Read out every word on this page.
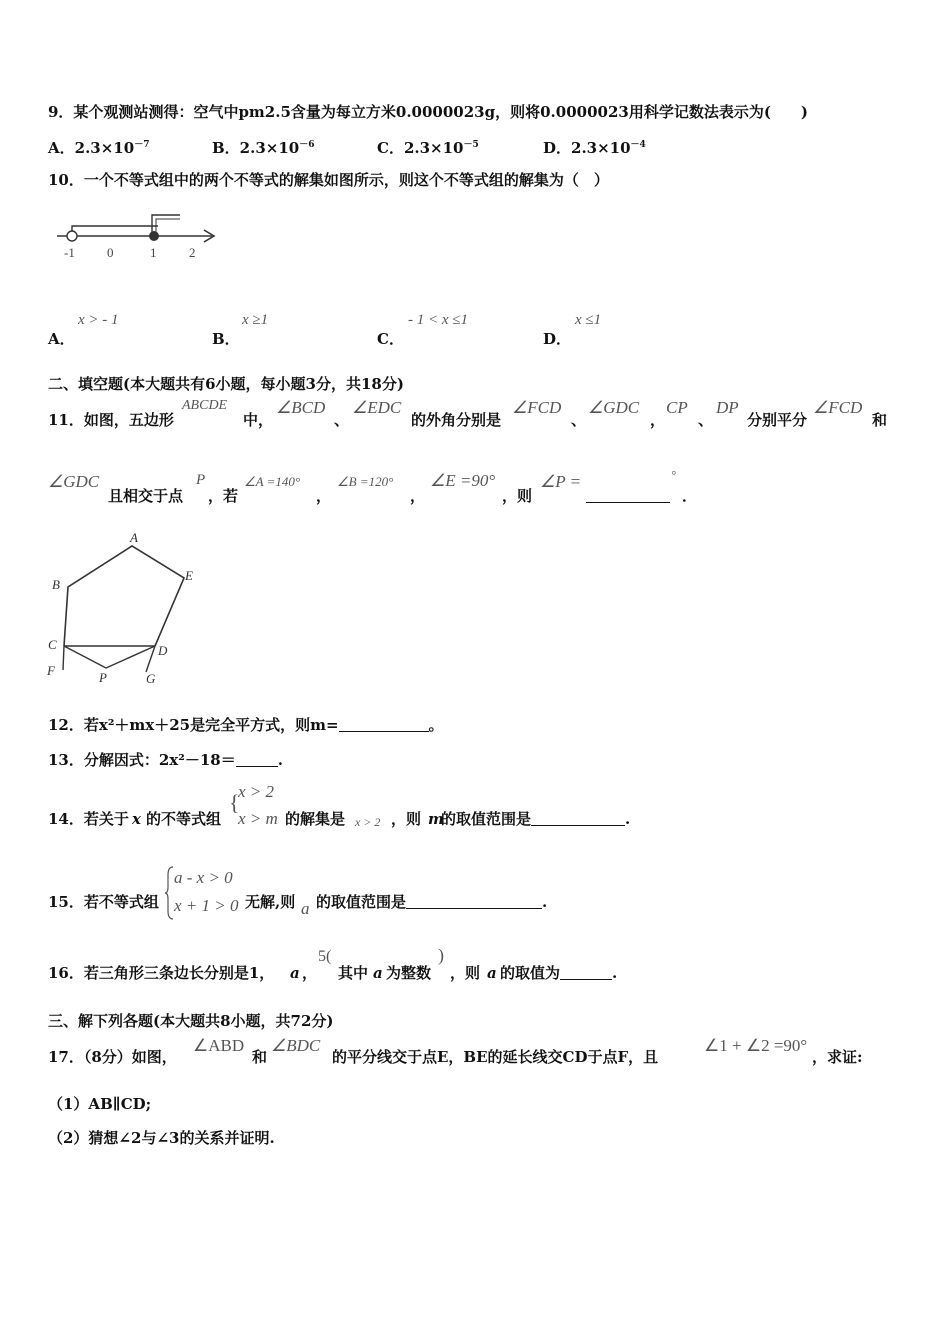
9．某个观测站测得：空气中pm2.5含量为每立方米0.0000023g，则将0.0000023用科学记数法表示为(　　)
A．$2.3\times 10^{-7}$	B．$2.3\times 10^{-6}$	C．$2.3\times 10^{-5}$	D．$2.3\times 10^{-4}$
10．一个不等式组中的两个不等式的解集如图所示，则这个不等式组的解集为（　）
-1 0	1	2
A．
x > - 1
B．
x ≥1
C．
- 1 < x ≤1
D．
x ≤1
二、填空题(本大题共有6小题，每小题3分，共18分)
11．如图，五边形
ABCDE
中，
∠BCD
、
∠EDC
的外角分别是
∠FCD
、
∠GDC
，
CP
、
DP
分别平分
∠FCD
和
∠GDC
且相交于点
P
，若
∠A =140°
，
∠B =120°
，
∠E =90°
，则
∠P =	°
．
A
B
C	D
E
F
G
P
12．若x²＋mx＋25是完全平方式，则m=	。
13．分解因式：2x²－18＝	.
14．若关于 x 的不等式组
{
x > 2
x > m 的解集是 x > 2 ，则 m
的取值范围是	.
15．若不等式组
a - x > 0
x + 1 > 0 无解,则 a 的取值范围是	.
16．若三角形三条边长分别是1， a ，
5(
其中 a 为整数
)
，则 a 的取值为	.
三、解下列各题(本大题共8小题，共72分)
17．（8分）如图，
∠ABD
和
∠BDC
的平分线交于点E，BE的延长线交CD于点F，且
∠1 + ∠2 =90°
，求证:
（1）AB∥CD;
（2）猜想∠2与∠3的关系并证明.
